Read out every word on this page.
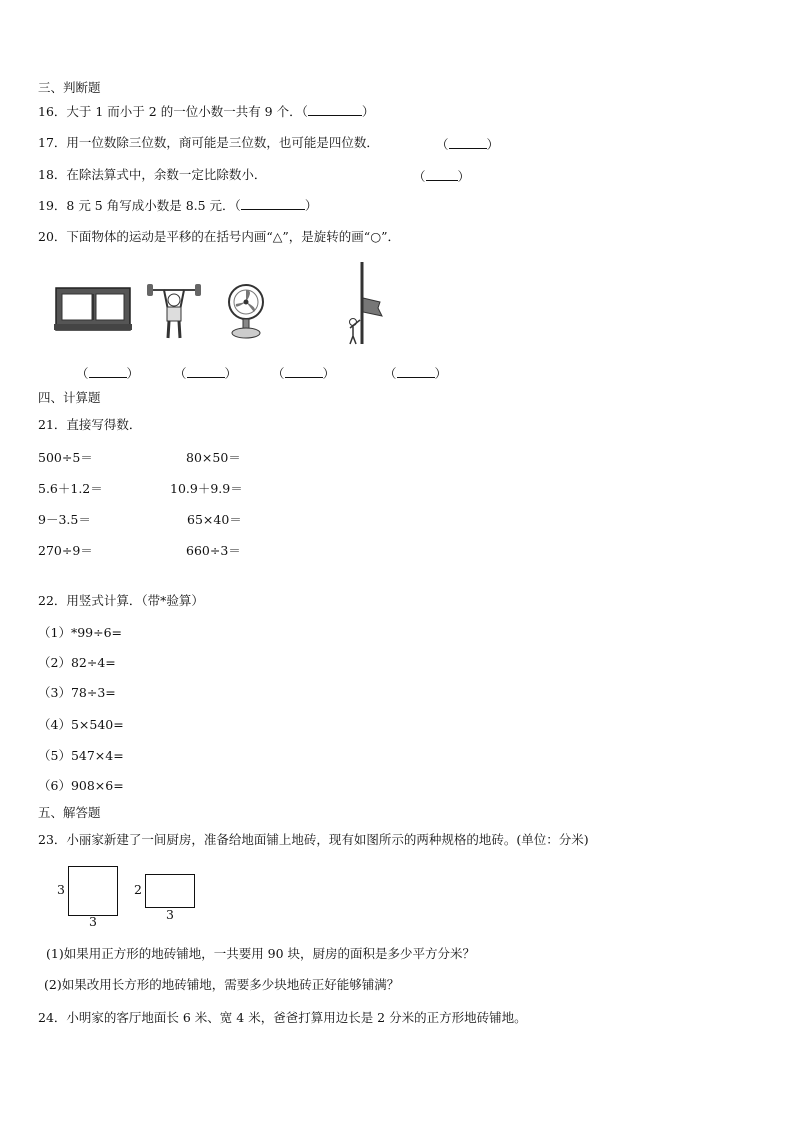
三、判断题
16．大于 1 而小于 2 的一位小数一共有 9 个．（	）
17．用一位数除三位数，商可能是三位数，也可能是四位数．	（	）
18．在除法算式中，余数一定比除数小．	（	）
19．8 元 5 角写成小数是 8.5 元．（	）
20．下面物体的运动是平移的在括号内画“△”，是旋转的画“○”．
（	）	（	）	（	）	（	）
四、计算题
21．直接写得数．
500÷5＝	80×50＝
5.6＋1.2＝	10.9＋9.9＝
9－3.5＝	65×40＝
270÷9＝	660÷3＝
22．用竖式计算．（带*验算）
（1）*99÷6=
（2）82÷4=
（3）78÷3=
（4）5×540=
（5）547×4=
（6）908×6=
五、解答题
23．小丽家新建了一间厨房，准备给地面铺上地砖，现有如图所示的两种规格的地砖。(单位：分米)
3
3
2
3
(1)如果用正方形的地砖铺地，一共要用 90 块，厨房的面积是多少平方分米？
(2)如果改用长方形的地砖铺地，需要多少块地砖正好能够铺满？
24．小明家的客厅地面长 6 米、宽 4 米，爸爸打算用边长是 2 分米的正方形地砖铺地。
